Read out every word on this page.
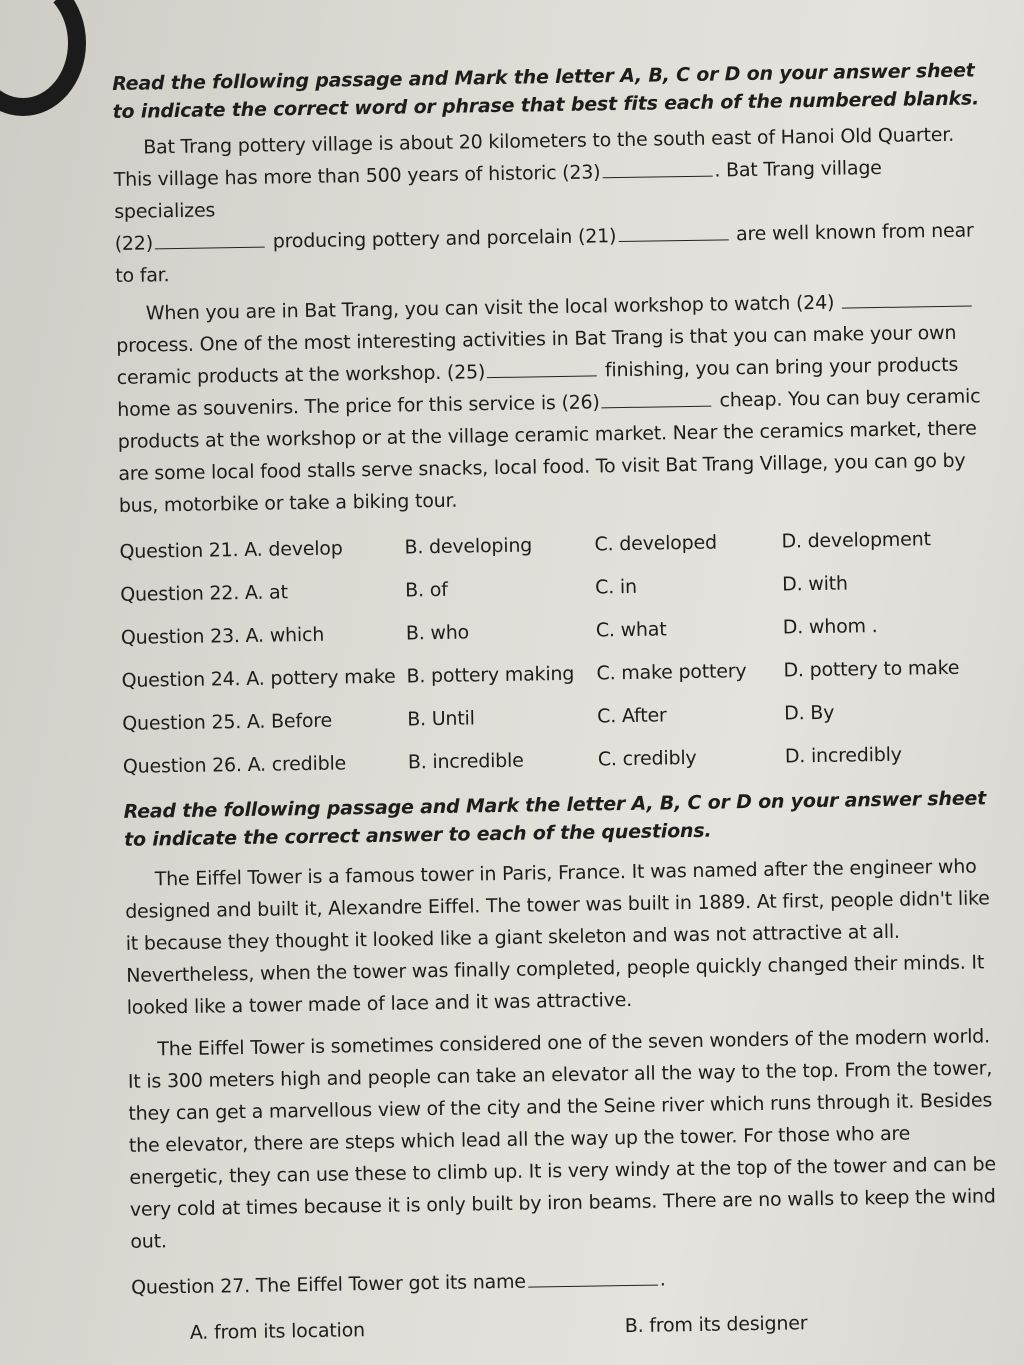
Read the following passage and Mark the letter A, B, C or D on your answer sheet to indicate the correct word or phrase that best fits each of the numbered blanks.

Bat Trang pottery village is about 20 kilometers to the south east of Hanoi Old Quarter. This village has more than 500 years of historic (23)	. Bat Trang village specializes
(22)	producing pottery and porcelain (21)	are well known from near to far.

When you are in Bat Trang, you can visit the local workshop to watch (24)  process. One of the most interesting activities in Bat Trang is that you can make your own ceramic products at the workshop. (25)	finishing, you can bring your products home as souvenirs. The price for this service is (26)	cheap. You can buy ceramic products at the workshop or at the village ceramic market. Near the ceramics market, there are some local food stalls serve snacks, local food. To visit Bat Trang Village, you can go by bus, motorbike or take a biking tour.

Question 21. A. develop	B. developing	C. developed	D. development
Question 22. A. at	B. of	C. in	D. with
Question 23. A. which	B. who	C. what	D. whom .
Question 24. A. pottery make	B. pottery making	C. make pottery	D. pottery to make
Question 25. A. Before	B. Until	C. After	D. By
Question 26. A. credible	B. incredible	C. credibly	D. incredibly

Read the following passage and Mark the letter A, B, C or D on your answer sheet to indicate the correct answer to each of the questions.

The Eiffel Tower is a famous tower in Paris, France. It was named after the engineer who designed and built it, Alexandre Eiffel. The tower was built in 1889. At first, people didn't like it because they thought it looked like a giant skeleton and was not attractive at all. Nevertheless, when the tower was finally completed, people quickly changed their minds. It looked like a tower made of lace and it was attractive.

The Eiffel Tower is sometimes considered one of the seven wonders of the modern world. It is 300 meters high and people can take an elevator all the way to the top. From the tower, they can get a marvellous view of the city and the Seine river which runs through it. Besides the elevator, there are steps which lead all the way up the tower. For those who are energetic, they can use these to climb up. It is very windy at the top of the tower and can be very cold at times because it is only built by iron beams. There are no walls to keep the wind out.

Question 27. The Eiffel Tower got its name	.

A. from its location	B. from its designer
